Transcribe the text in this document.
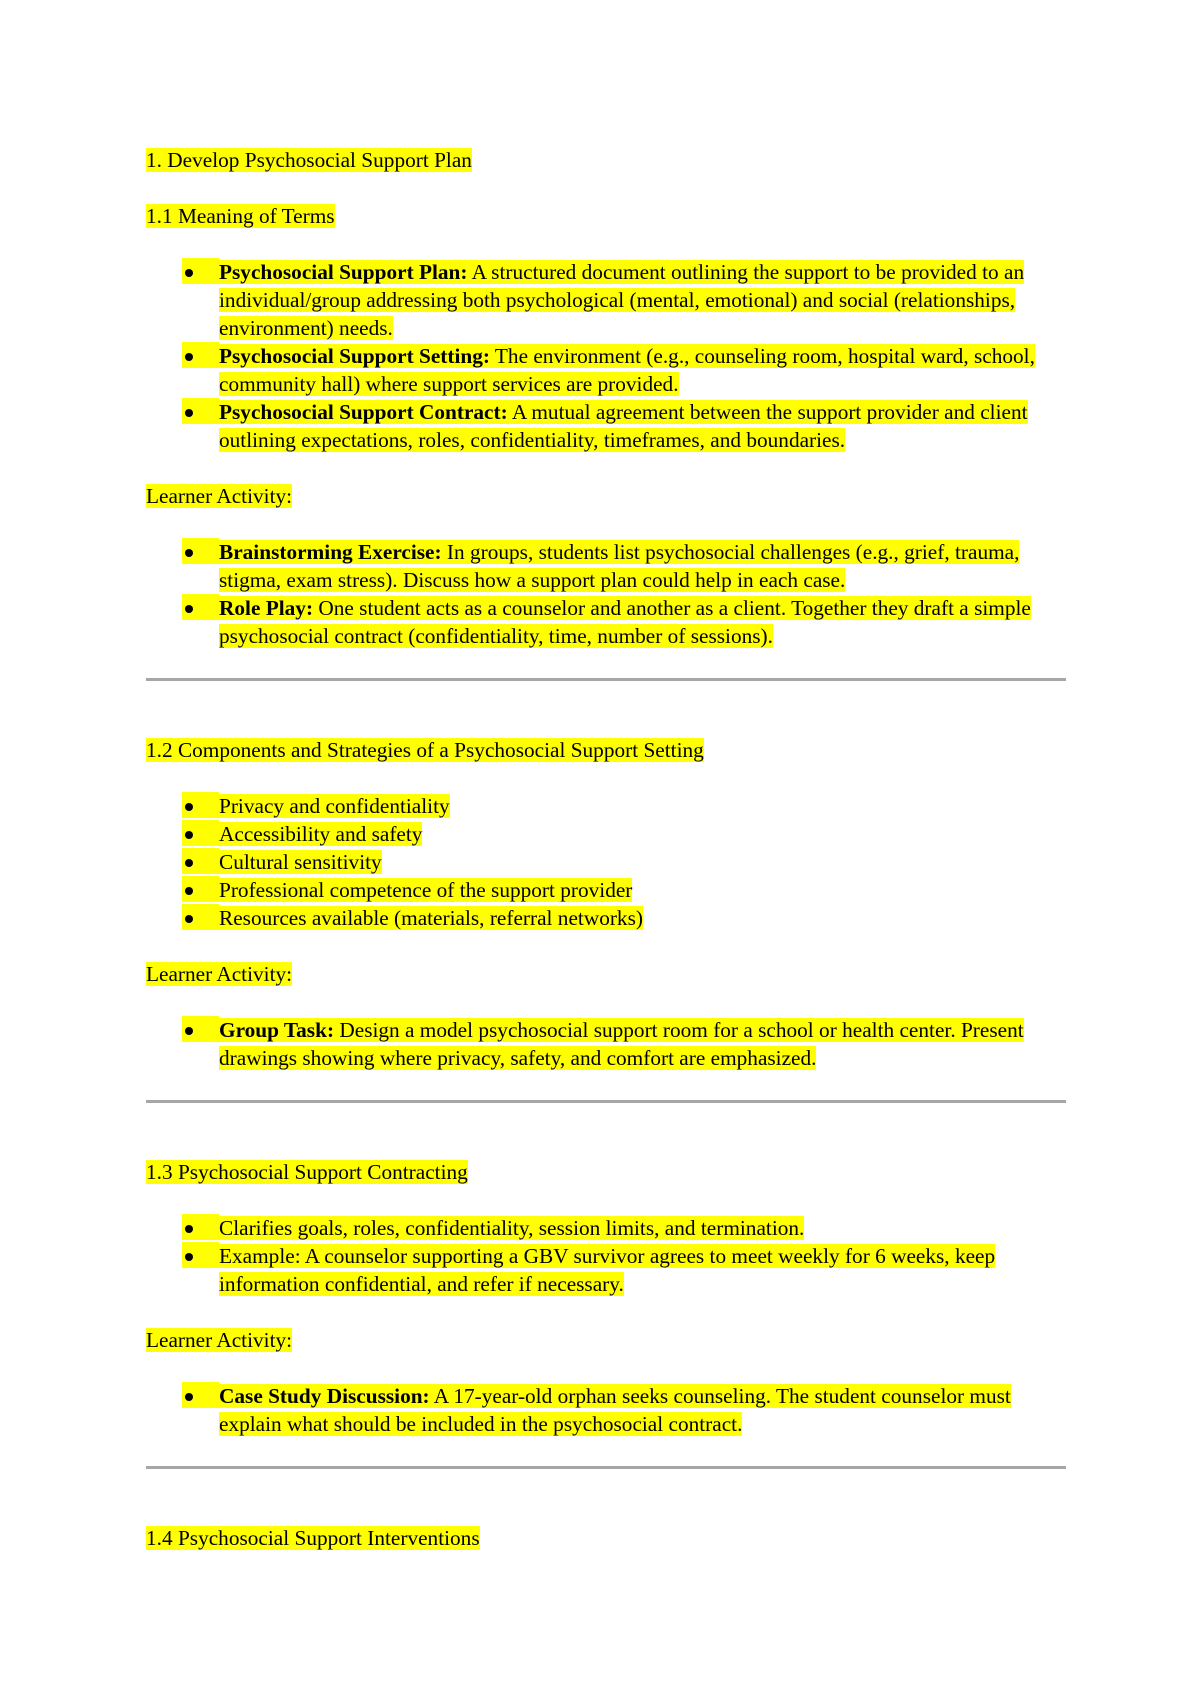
1. Develop Psychosocial Support Plan
1.1 Meaning of Terms
Psychosocial Support Plan: A structured document outlining the support to be provided to an individual/group addressing both psychological (mental, emotional) and social (relationships, environment) needs.
Psychosocial Support Setting: The environment (e.g., counseling room, hospital ward, school, community hall) where support services are provided.
Psychosocial Support Contract: A mutual agreement between the support provider and client outlining expectations, roles, confidentiality, timeframes, and boundaries.

Learner Activity:

Brainstorming Exercise: In groups, students list psychosocial challenges (e.g., grief, trauma, stigma, exam stress). Discuss how a support plan could help in each case.
Role Play: One student acts as a counselor and another as a client. Together they draft a simple psychosocial contract (confidentiality, time, number of sessions).
1.2 Components and Strategies of a Psychosocial Support Setting
Privacy and confidentiality
Accessibility and safety
Cultural sensitivity
Professional competence of the support provider
Resources available (materials, referral networks)

Learner Activity:

Group Task: Design a model psychosocial support room for a school or health center. Present drawings showing where privacy, safety, and comfort are emphasized.
1.3 Psychosocial Support Contracting
Clarifies goals, roles, confidentiality, session limits, and termination.
Example: A counselor supporting a GBV survivor agrees to meet weekly for 6 weeks, keep information confidential, and refer if necessary.

Learner Activity:

Case Study Discussion: A 17-year-old orphan seeks counseling. The student counselor must explain what should be included in the psychosocial contract.
1.4 Psychosocial Support Interventions
